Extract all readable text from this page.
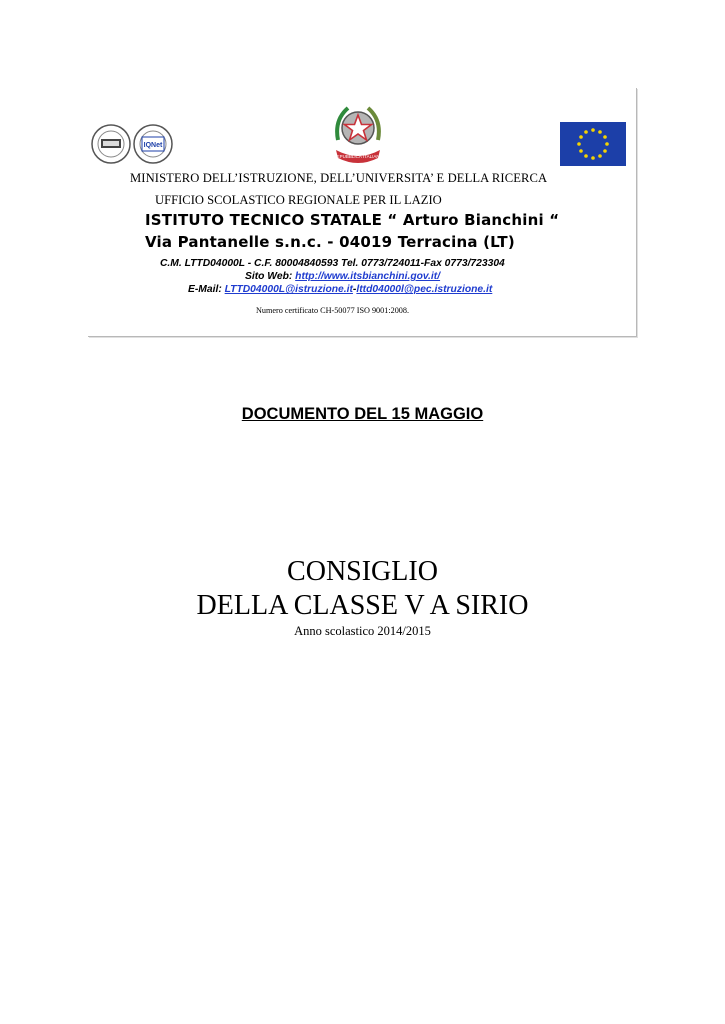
IQNet
REPUBBLICA ITALIANA
MINISTERO DELL’ISTRUZIONE, DELL’UNIVERSITA’ E DELLA RICERCA
UFFICIO SCOLASTICO REGIONALE PER IL LAZIO
ISTITUTO TECNICO STATALE “ Arturo Bianchini “
Via Pantanelle s.n.c. - 04019 Terracina (LT)
C.M. LTTD04000L - C.F. 80004840593 Tel. 0773/724011-Fax 0773/723304
Sito Web: http://www.itsbianchini.gov.it/
E-Mail: LTTD04000L@istruzione.it-lttd04000l@pec.istruzione.it
Numero certificato CH-50077 ISO 9001:2008.
DOCUMENTO DEL 15 MAGGIO
CONSIGLIO
DELLA CLASSE V A SIRIO
Anno scolastico 2014/2015
